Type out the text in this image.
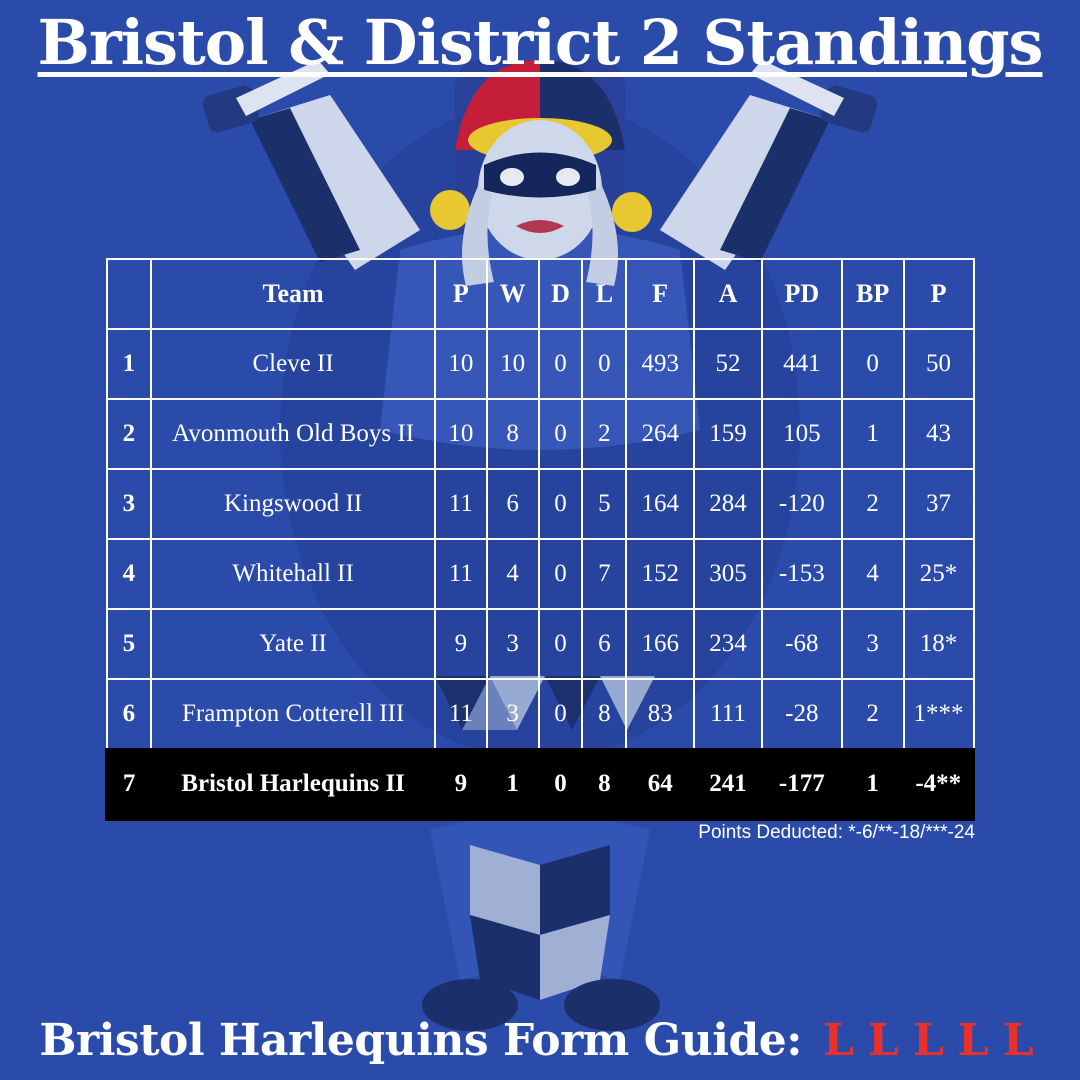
Bristol & District 2 Standings
	Team	P	W	D	L	F	A	PD	BP	P
1	Cleve II	10	10	0	0	493	52	441	0	50
2	Avonmouth Old Boys II	10	8	0	2	264	159	105	1	43
3	Kingswood II	11	6	0	5	164	284	-120	2	37
4	Whitehall II	11	4	0	7	152	305	-153	4	25*
5	Yate II	9	3	0	6	166	234	-68	3	18*
6	Frampton Cotterell III	11	3	0	8	83	111	-28	2	1***
7	Bristol Harlequins II	9	1	0	8	64	241	-177	1	-4**
Points Deducted: *-6/**-18/***-24
Bristol Harlequins Form Guide: L L L L L
